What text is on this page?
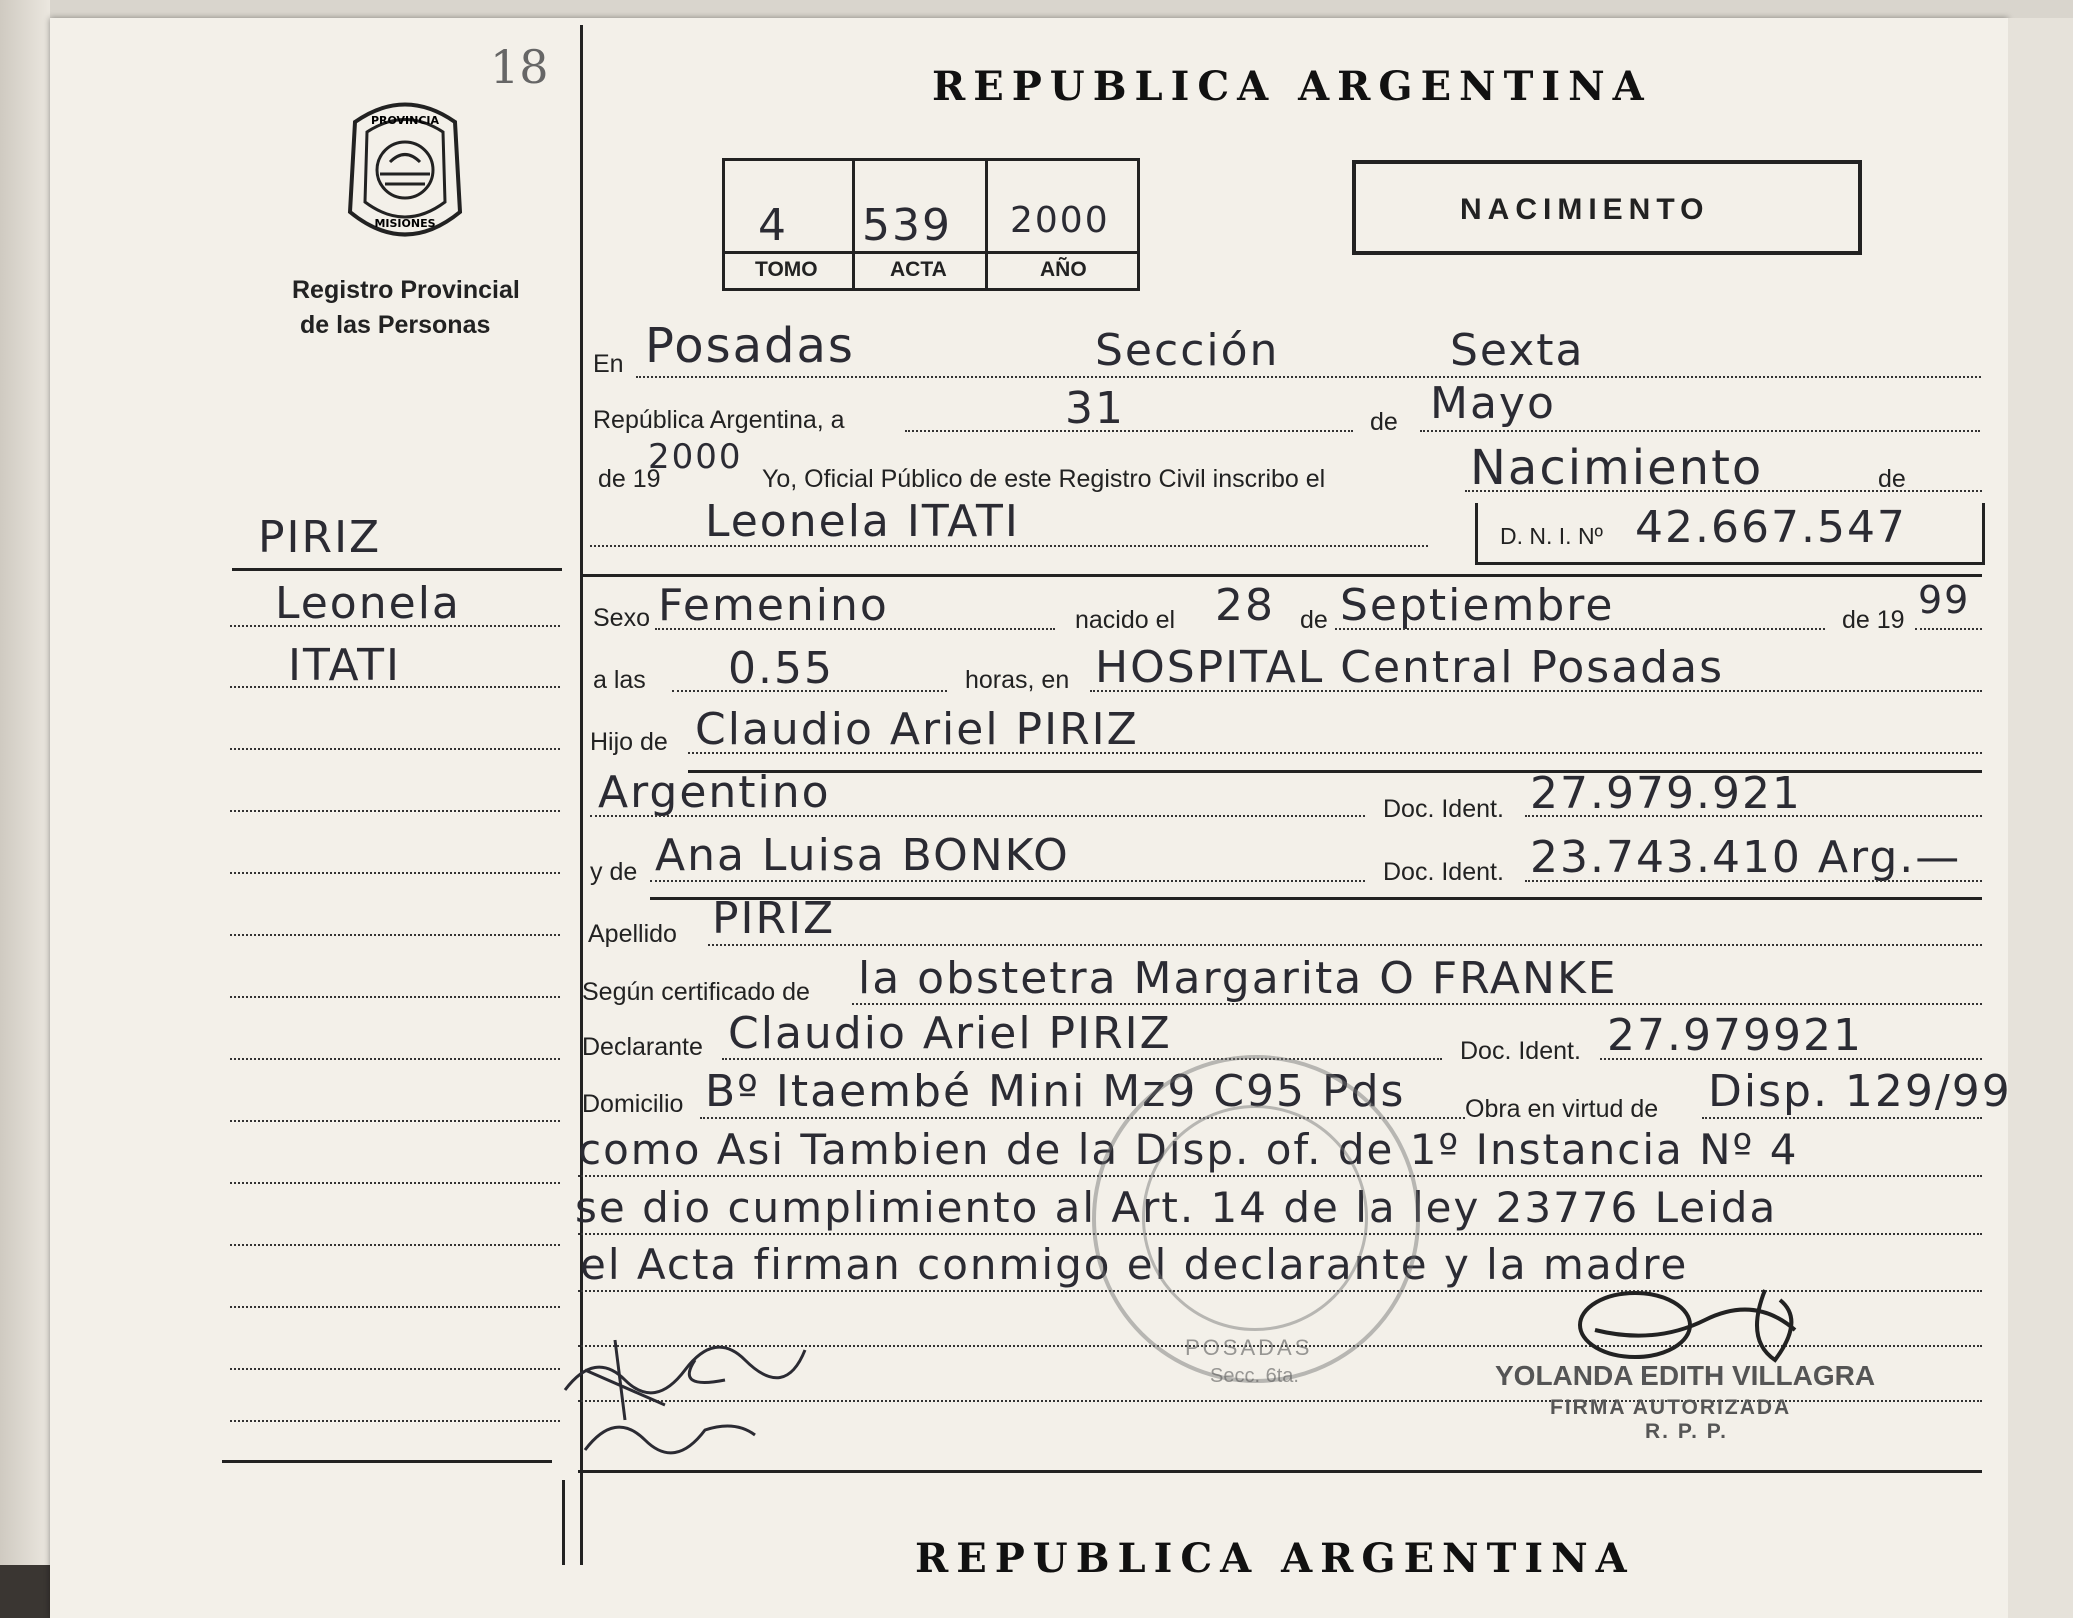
18
PROVINCIA
MISIONES
Registro Provincial
de las Personas
PIRIZ
Leonela
ITATI
REPUBLICA ARGENTINA
4 539 2000
TOMO	ACTA	AÑO
NACIMIENTO
En Posadas	Sección	Sexta
República Argentina, a	31	de Mayo
de 19
2000
Yo, Oficial Público de este Registro Civil inscribo el	Nacimiento	de
Leonela ITATI	D. N. I. Nº 42.667.547
Sexo Femenino	nacido el 28 de Septiembre	de 19 99
a las 0.55	horas, en HOSPITAL Central Posadas
Hijo de Claudio Ariel PIRIZ
Argentino	Doc. Ident. 27.979.921
y de Ana Luisa BONKO	Doc. Ident. 23.743.410 Arg.—
Apellido PIRIZ
Según certificado de la obstetra Margarita O FRANKE
Declarante Claudio Ariel PIRIZ	Doc. Ident. 27.979921
Domicilio Bº Itaembé Mini Mz9 C95 Pds Obra en virtud de Disp. 129/99
como Asi Tambien de la Disp. of. de 1º Instancia Nº 4
se dio cumplimiento al Art. 14 de la ley 23776 Leida
el Acta firman conmigo el declarante y la madre
YOLANDA EDITH VILLAGRA
FIRMA AUTORIZADA
R. P. P.
POSADAS
Secc. 6ta.
REPUBLICA ARGENTINA
